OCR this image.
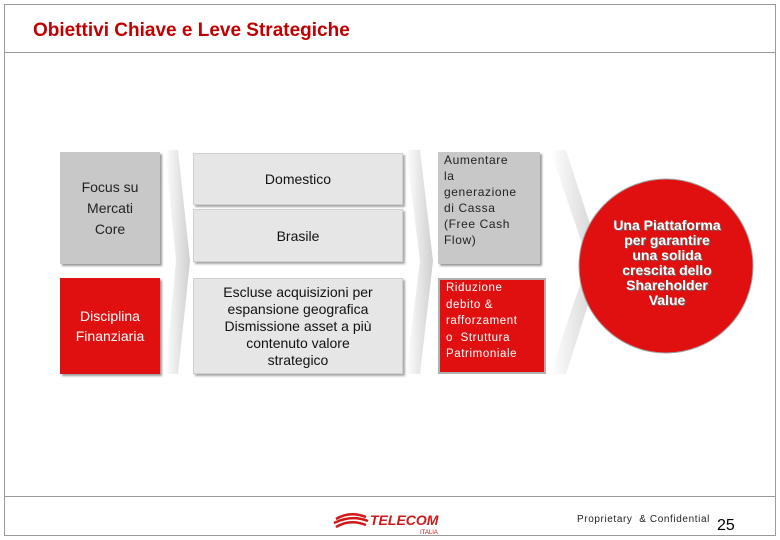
Obiettivi Chiave e Leve Strategiche
Focus su
Mercati
Core
Disciplina
Finanziaria
Domestico
Brasile
Escluse acquisizioni per
espansione geografica
Dismissione asset a più
contenuto valore
strategico
Aumentare
la
generazione
di Cassa
(Free Cash
Flow)
Riduzione
debito &
rafforzament
o  Struttura
Patrimoniale
Una Piattaforma
per garantire
una solida
crescita dello
Shareholder
Value
TELECOM
ITALIA
Proprietary  & Confidential 25
